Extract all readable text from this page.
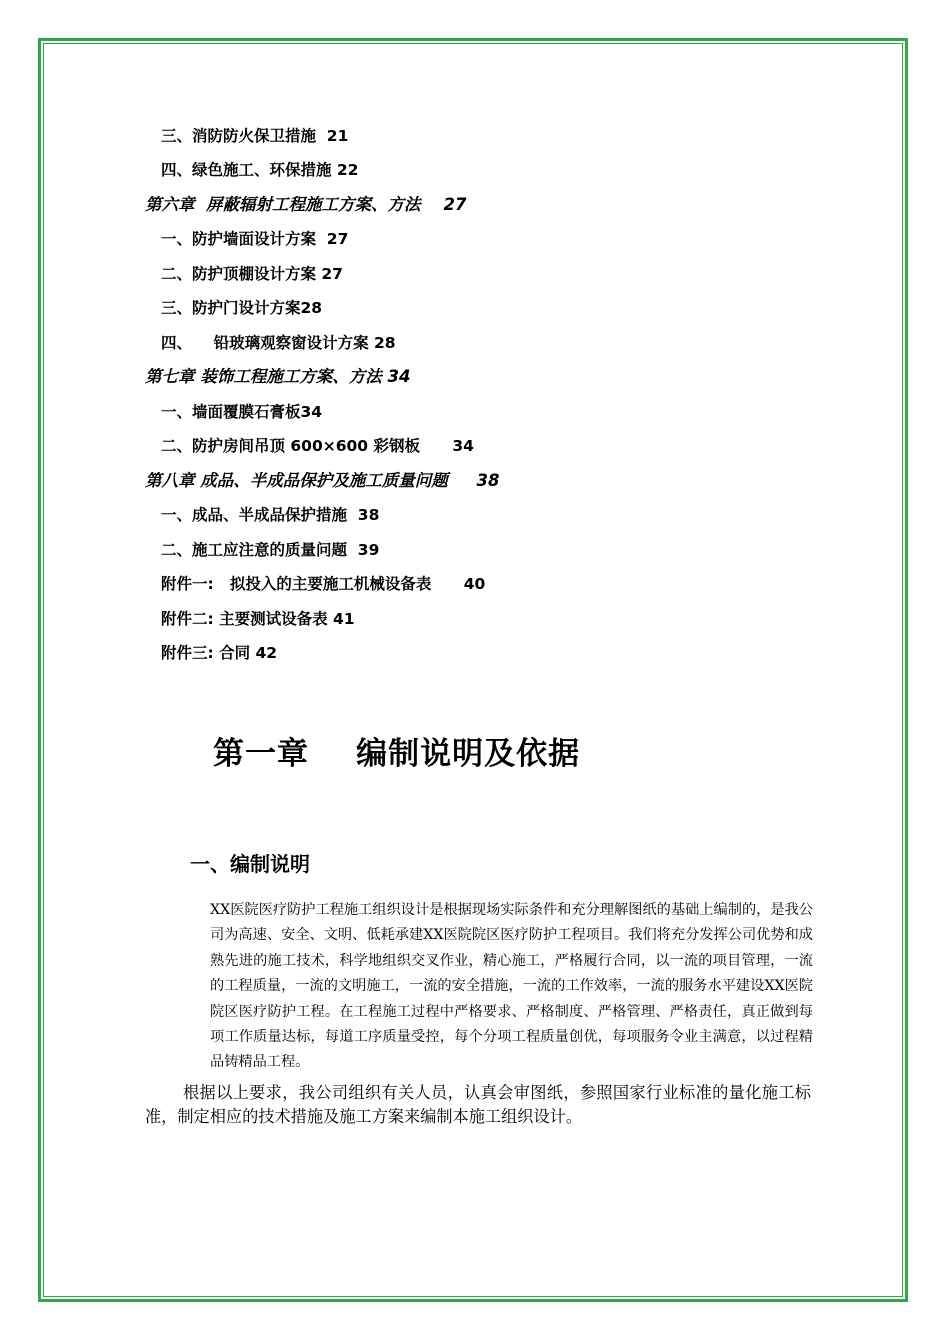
三、消防防火保卫措施  21
四、绿色施工、环保措施 22
第六章  屏蔽辐射工程施工方案、方法    27
一、防护墙面设计方案  27
二、防护顶棚设计方案 27
三、防护门设计方案28
四、    铅玻璃观察窗设计方案 28
第七章 装饰工程施工方案、方法 34
一、墙面覆膜石膏板34
二、防护房间吊顶 600×600 彩钢板      34
第八章 成品、半成品保护及施工质量问题     38
一、成品、半成品保护措施  38
二、施工应注意的质量问题  39
附件一:   拟投入的主要施工机械设备表      40
附件二: 主要测试设备表 41
附件三: 合同 42
第一章    编制说明及依据
一、编制说明
XX医院医疗防护工程施工组织设计是根据现场实际条件和充分理解图纸的基础上编制的，是我公司为高速、安全、文明、低耗承建XX医院院区医疗防护工程项目。我们将充分发挥公司优势和成熟先进的施工技术，科学地组织交叉作业，精心施工，严格履行合同，以一流的项目管理，一流的工程质量，一流的文明施工，一流的安全措施，一流的工作效率，一流的服务水平建设XX医院院区医疗防护工程。在工程施工过程中严格要求、严格制度、严格管理、严格责任，真正做到每项工作质量达标，每道工序质量受控，每个分项工程质量创优，每项服务令业主满意，以过程精品铸精品工程。
根据以上要求，我公司组织有关人员，认真会审图纸，参照国家行业标准的量化施工标准，制定相应的技术措施及施工方案来编制本施工组织设计。
